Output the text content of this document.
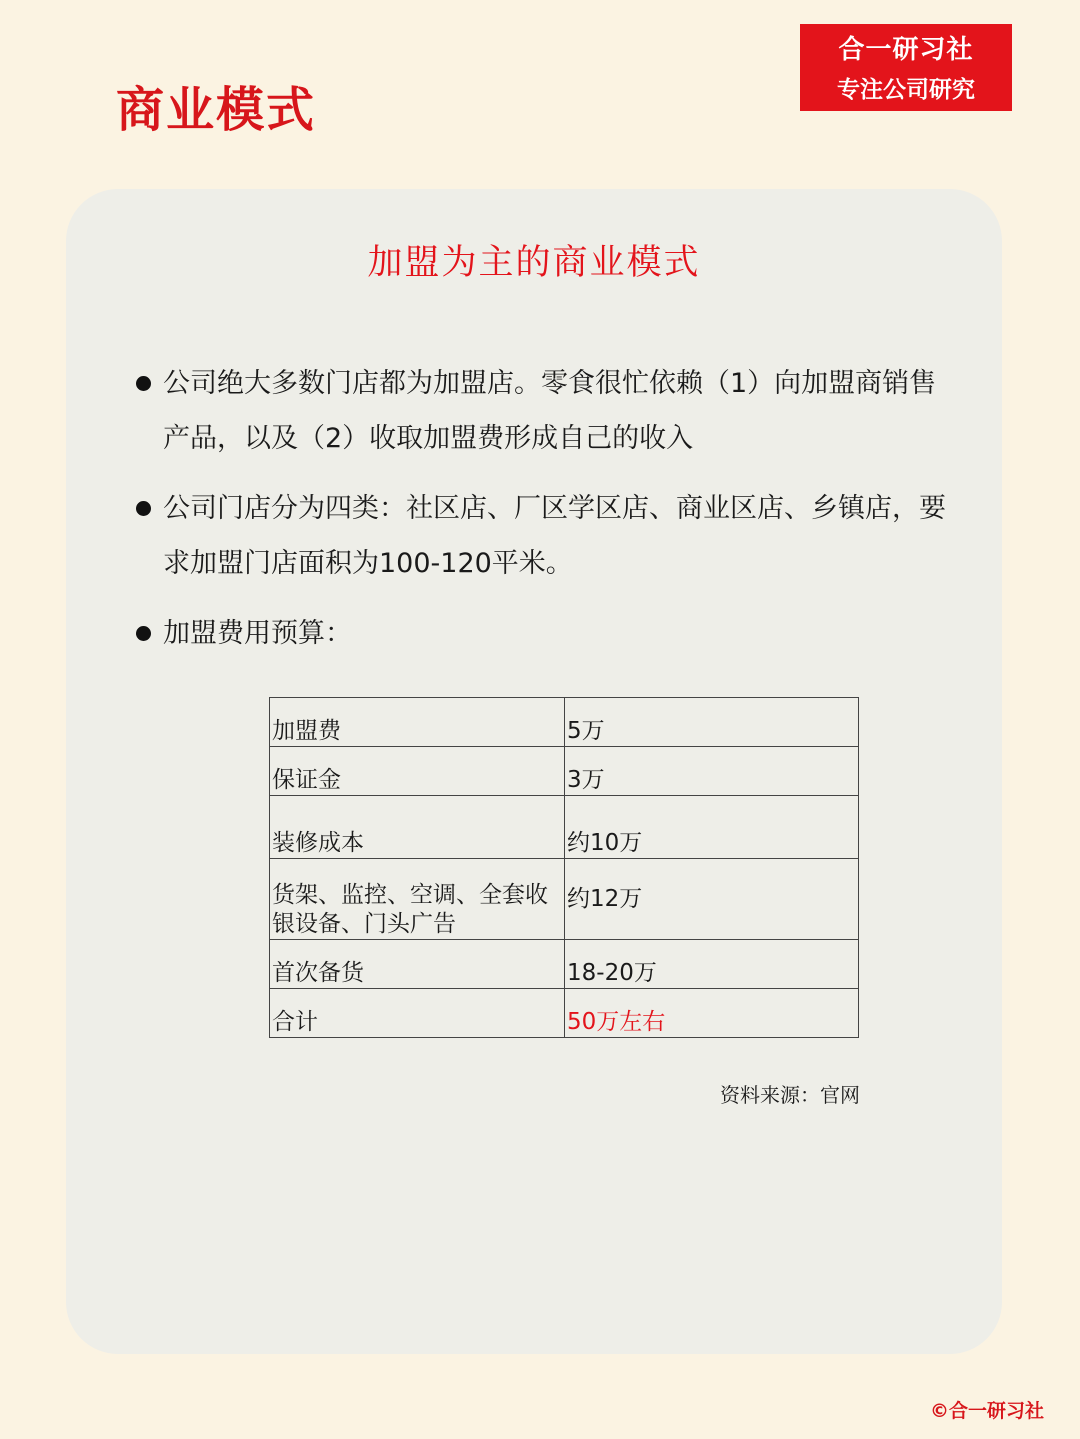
商业模式
合一研习社
专注公司研究
加盟为主的商业模式
公司绝大多数门店都为加盟店。零食很忙依赖（1）向加盟商销售产品，以及（2）收取加盟费形成自己的收入
公司门店分为四类：社区店、厂区学区店、商业区店、乡镇店，要求加盟门店面积为100-120平米。
加盟费用预算：
加盟费	5万
保证金	3万
装修成本	约10万
货架、监控、空调、全套收银设备、门头广告	约12万
首次备货	18-20万
合计	50万左右
资料来源：官网
©合一研习社
